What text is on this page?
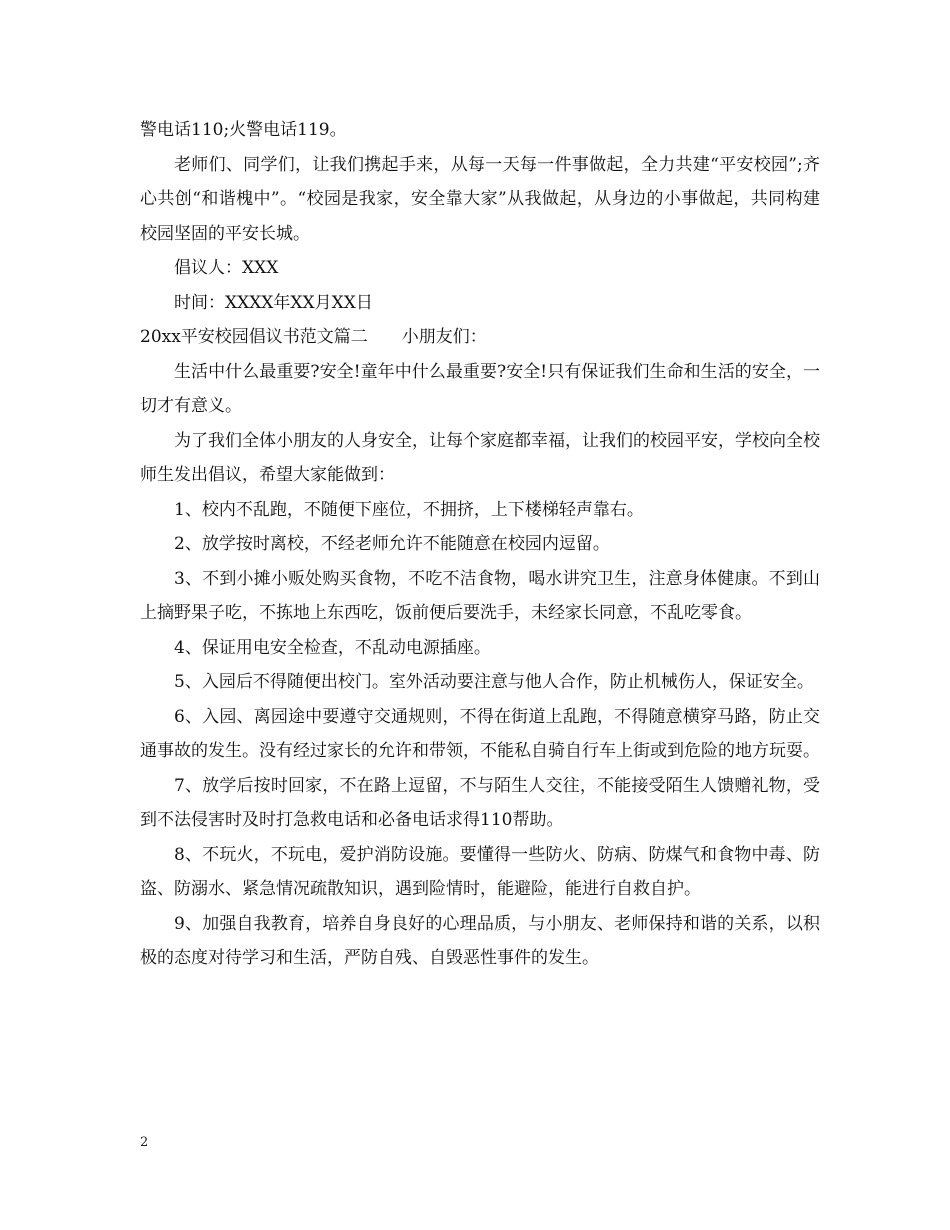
警电话110;火警电话119。

老师们、同学们，让我们携起手来，从每一天每一件事做起，全力共建“平安校园”;齐心共创“和谐槐中”。“校园是我家，安全靠大家”从我做起，从身边的小事做起，共同构建校园坚固的平安长城。

倡议人：XXX

时间：XXXX年XX月XX日

20xx平安校园倡议书范文篇二　　小朋友们：

生活中什么最重要?安全!童年中什么最重要?安全!只有保证我们生命和生活的安全，一切才有意义。

为了我们全体小朋友的人身安全，让每个家庭都幸福，让我们的校园平安，学校向全校师生发出倡议，希望大家能做到：

1、校内不乱跑，不随便下座位，不拥挤，上下楼梯轻声靠右。

2、放学按时离校，不经老师允许不能随意在校园内逗留。

3、不到小摊小贩处购买食物，不吃不洁食物，喝水讲究卫生，注意身体健康。不到山上摘野果子吃，不拣地上东西吃，饭前便后要洗手，未经家长同意，不乱吃零食。

4、保证用电安全检查，不乱动电源插座。

5、入园后不得随便出校门。室外活动要注意与他人合作，防止机械伤人，保证安全。

6、入园、离园途中要遵守交通规则，不得在街道上乱跑，不得随意横穿马路，防止交通事故的发生。没有经过家长的允许和带领，不能私自骑自行车上街或到危险的地方玩耍。

7、放学后按时回家，不在路上逗留，不与陌生人交往，不能接受陌生人馈赠礼物，受到不法侵害时及时打急救电话和必备电话求得110帮助。

8、不玩火，不玩电，爱护消防设施。要懂得一些防火、防病、防煤气和食物中毒、防盗、防溺水、紧急情况疏散知识，遇到险情时，能避险，能进行自救自护。

9、加强自我教育，培养自身良好的心理品质，与小朋友、老师保持和谐的关系，以积极的态度对待学习和生活，严防自残、自毁恶性事件的发生。

2
